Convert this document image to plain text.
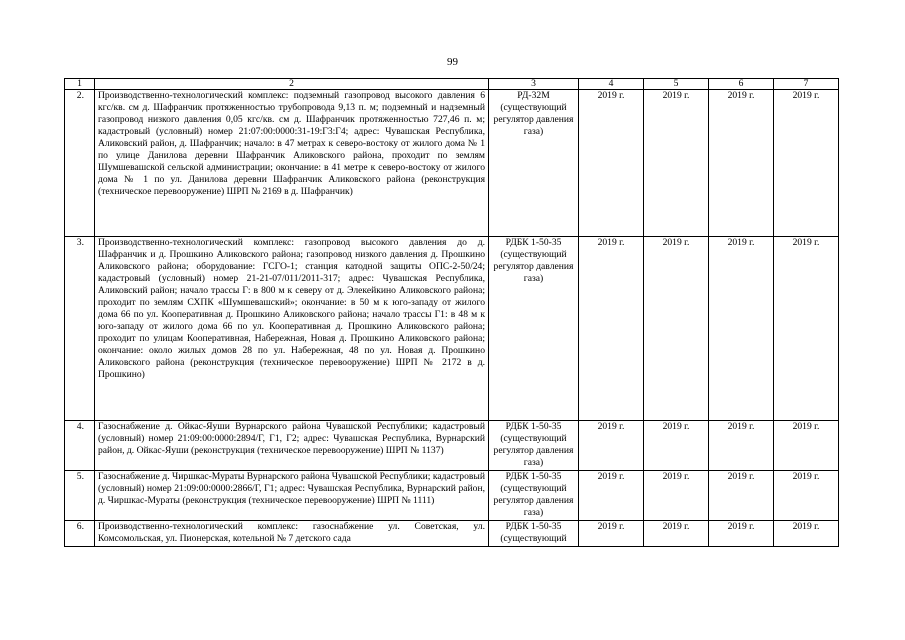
99
1	2	3	4	5	6	7
2.	Производственно-технологический комплекс: подземный газопровод высокого давления 6 кгс/кв. см д. Шафранчик протяженностью трубопровода 9,13 п. м; подземный и надземный газопровод низкого давления 0,05 кгс/кв. см д. Шафранчик протяженностью 727,46 п. м; кадастровый (условный) номер 21:07:00:0000:31-19:Г3:Г4; адрес: Чувашская Республика, Аликовский район, д. Шафранчик; начало: в 47 метрах к северо-востоку от жилого дома № 1 по улице Данилова деревни Шафранчик Аликовского района, проходит по землям Шумшевашской сельской администрации; окончание: в 41 метре к северо-востоку от жилого дома № 1 по ул. Данилова деревни Шафранчик Аликовского района (реконструкция (техническое перевооружение) ШРП № 2169 в д. Шафранчик)	РД-32М (существующий регулятор давления газа)	2019 г.	2019 г.	2019 г.	2019 г.
3.	Производственно-технологический комплекс: газопровод высокого давления до д. Шафранчик и д. Прошкино Аликовского района; газопровод низкого давления д. Прошкино Аликовского района; оборудование: ГСГО-1; станция катодной защиты ОПС-2-50/24; кадастровый (условный) номер 21-21-07/011/2011-317; адрес: Чувашская Республика, Аликовский район; начало трассы Г: в 800 м к северу от д. Элекейкино Аликовского района; проходит по землям СХПК «Шумшевашский»; окончание: в 50 м к юго-западу от жилого дома 66 по ул. Кооперативная д. Прошкино Аликовского района; начало трассы Г1: в 48 м к юго-западу от жилого дома 66 по ул. Кооперативная д. Прошкино Аликовского района; проходит по улицам Кооперативная, Набережная, Новая д. Прошкино Аликовского района; окончание: около жилых домов 28 по ул. Набережная, 48 по ул. Новая д. Прошкино Аликовского района (реконструкция (техническое перевооружение) ШРП № 2172 в д. Прошкино)	РДБК 1-50-35 (существующий регулятор давления газа)	2019 г.	2019 г.	2019 г.	2019 г.
4.	Газоснабжение д. Ойкас-Яуши Вурнарского района Чувашской Республики; кадастровый (условный) номер 21:09:00:0000:2894/Г, Г1, Г2; адрес: Чувашская Республика, Вурнарский район, д. Ойкас-Яуши (реконструкция (техническое перевооружение) ШРП № 1137)	РДБК 1-50-35 (существующий регулятор давления газа)	2019 г.	2019 г.	2019 г.	2019 г.
5.	Газоснабжение д. Чиршкас-Мураты Вурнарского района Чувашской Республики; кадастровый (условный) номер 21:09:00:0000:2866/Г, Г1; адрес: Чувашская Республика, Вурнарский район, д. Чиршкас-Мураты (реконструкция (техническое перевооружение) ШРП № 1111)	РДБК 1-50-35 (существующий регулятор давления газа)	2019 г.	2019 г.	2019 г.	2019 г.
6.	Производственно-технологический комплекс: газоснабжение ул. Советская, ул. Комсомольская, ул. Пионерская, котельной № 7 детского сада	РДБК 1-50-35 (существующий	2019 г.	2019 г.	2019 г.	2019 г.
